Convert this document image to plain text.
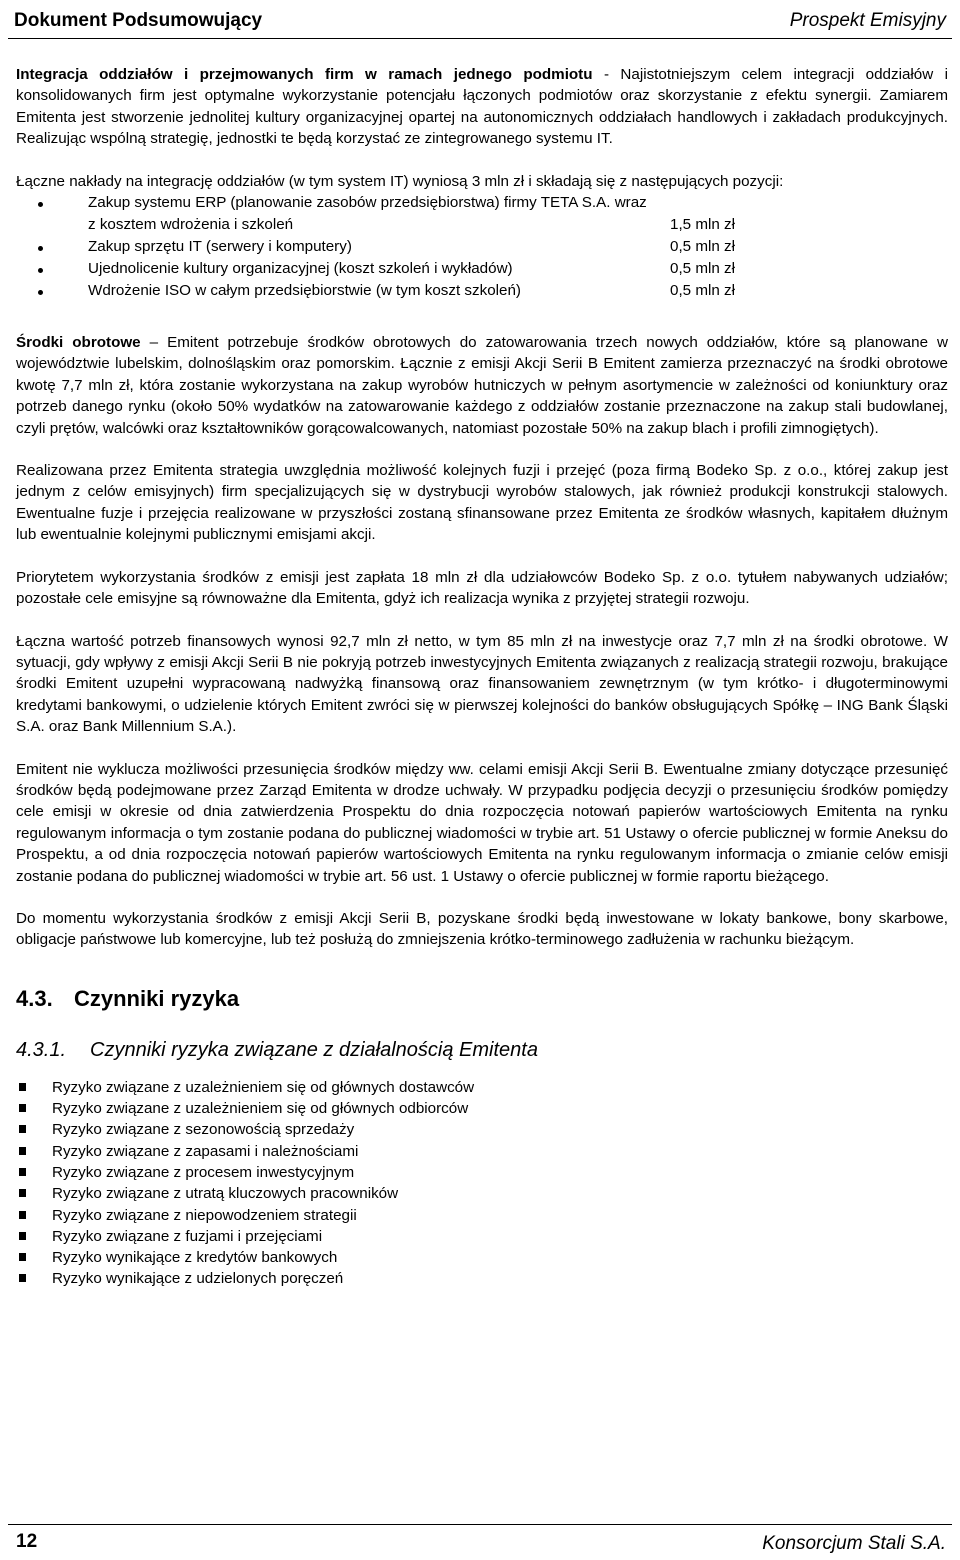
Dokument Podsumowujący	Prospekt Emisyjny

Integracja oddziałów i przejmowanych firm w ramach jednego podmiotu - Najistotniejszym celem integracji oddziałów i konsolidowanych firm jest optymalne wykorzystanie potencjału łączonych podmiotów oraz skorzystanie z efektu synergii. Zamiarem Emitenta jest stworzenie jednolitej kultury organizacyjnej opartej na autonomicznych oddziałach handlowych i zakładach produkcyjnych. Realizując wspólną strategię, jednostki te będą korzystać ze zintegrowanego systemu IT.

Łączne nakłady na integrację oddziałów (w tym system IT) wyniosą 3 mln zł i składają się z następujących pozycji:

Zakup systemu ERP (planowanie zasobów przedsiębiorstwa) firmy TETA S.A. wraz z kosztem wdrożenia i szkoleń	1,5 mln zł
Zakup sprzętu IT (serwery i komputery)	0,5 mln zł
Ujednolicenie kultury organizacyjnej (koszt szkoleń i wykładów)	0,5 mln zł
Wdrożenie ISO w całym przedsiębiorstwie (w tym koszt szkoleń)	0,5 mln zł

Środki obrotowe – Emitent potrzebuje środków obrotowych do zatowarowania trzech nowych oddziałów, które są planowane w województwie lubelskim, dolnośląskim oraz pomorskim. Łącznie z emisji Akcji Serii B Emitent zamierza przeznaczyć na środki obrotowe kwotę 7,7 mln zł, która zostanie wykorzystana na zakup wyrobów hutniczych w pełnym asortymencie w zależności od koniunktury oraz potrzeb danego rynku (około 50% wydatków na zatowarowanie każdego z oddziałów zostanie przeznaczone na zakup stali budowlanej, czyli prętów, walcówki oraz kształtowników gorącowalcowanych, natomiast pozostałe 50% na zakup blach i profili zimnogiętych).

Realizowana przez Emitenta strategia uwzględnia możliwość kolejnych fuzji i przejęć (poza firmą Bodeko Sp. z o.o., której zakup jest jednym z celów emisyjnych) firm specjalizujących się w dystrybucji wyrobów stalowych, jak również produkcji konstrukcji stalowych. Ewentualne fuzje i przejęcia realizowane w przyszłości zostaną sfinansowane przez Emitenta ze środków własnych, kapitałem dłużnym lub ewentualnie kolejnymi publicznymi emisjami akcji.

Priorytetem wykorzystania środków z emisji jest zapłata 18 mln zł dla udziałowców Bodeko Sp. z o.o. tytułem nabywanych udziałów; pozostałe cele emisyjne są równoważne dla Emitenta, gdyż ich realizacja wynika z przyjętej strategii rozwoju.

Łączna wartość potrzeb finansowych wynosi 92,7 mln zł netto, w tym 85 mln zł na inwestycje oraz 7,7 mln zł na środki obrotowe. W sytuacji, gdy wpływy z emisji Akcji Serii B nie pokryją potrzeb inwestycyjnych Emitenta związanych z realizacją strategii rozwoju, brakujące środki Emitent uzupełni wypracowaną nadwyżką finansową oraz finansowaniem zewnętrznym (w tym krótko- i długoterminowymi kredytami bankowymi, o udzielenie których Emitent zwróci się w pierwszej kolejności do banków obsługujących Spółkę – ING Bank Śląski S.A. oraz Bank Millennium S.A.).

Emitent nie wyklucza możliwości przesunięcia środków między ww. celami emisji Akcji Serii B. Ewentualne zmiany dotyczące przesunięć środków będą podejmowane przez Zarząd Emitenta w drodze uchwały. W przypadku podjęcia decyzji o przesunięciu środków pomiędzy cele emisji w okresie od dnia zatwierdzenia Prospektu do dnia rozpoczęcia notowań papierów wartościowych Emitenta na rynku regulowanym informacja o tym zostanie podana do publicznej wiadomości w trybie art. 51 Ustawy o ofercie publicznej w formie Aneksu do Prospektu, a od dnia rozpoczęcia notowań papierów wartościowych Emitenta na rynku regulowanym informacja o zmianie celów emisji zostanie podana do publicznej wiadomości w trybie art. 56 ust. 1 Ustawy o ofercie publicznej w formie raportu bieżącego.

Do momentu wykorzystania środków z emisji Akcji Serii B, pozyskane środki będą inwestowane w lokaty bankowe, bony skarbowe, obligacje państwowe lub komercyjne, lub też posłużą do zmniejszenia krótko-terminowego zadłużenia w rachunku bieżącym.

4.3. Czynniki ryzyka
4.3.1. Czynniki ryzyka związane z działalnością Emitenta
Ryzyko związane z uzależnieniem się od głównych dostawców
Ryzyko związane z uzależnieniem się od głównych odbiorców
Ryzyko związane z sezonowością sprzedaży
Ryzyko związane z zapasami i należnościami
Ryzyko związane z procesem inwestycyjnym
Ryzyko związane z utratą kluczowych pracowników
Ryzyko związane z niepowodzeniem strategii
Ryzyko związane z fuzjami i przejęciami
Ryzyko wynikające z kredytów bankowych
Ryzyko wynikające z udzielonych poręczeń
12	Konsorcjum Stali S.A.
